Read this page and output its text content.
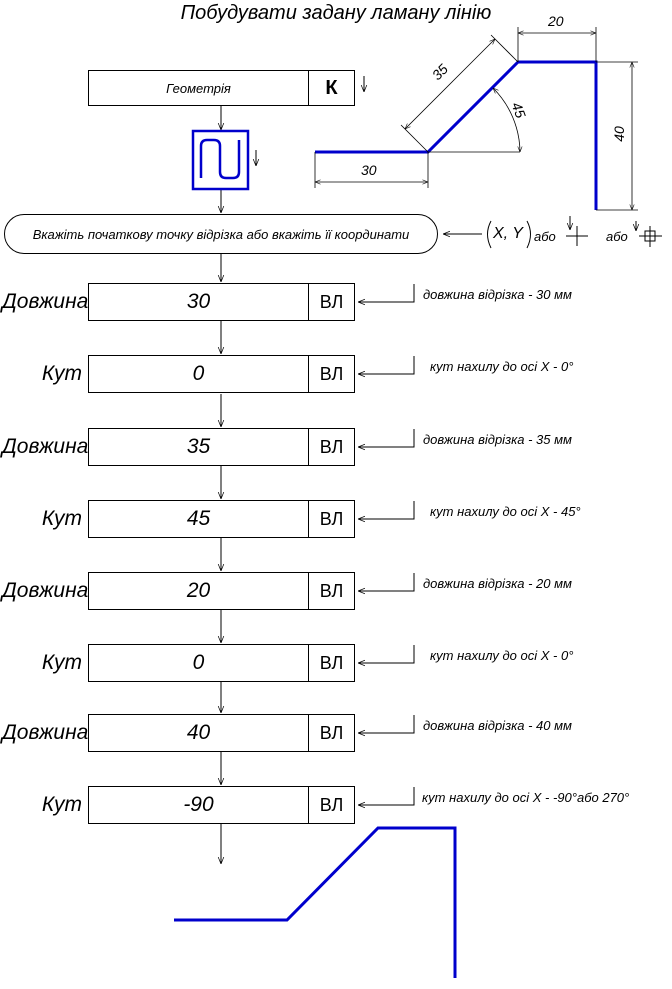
Побудувати задану ламану лінію
Геометрія	К
Вкажіть початкову точку відрізка або вкажіть її координати	X, Y або	або
Довжина	30	ВЛ	довжина відрізка - 30 мм
Кут	0	ВЛ	кут нахилу до осі X - 0°
Довжина	35	ВЛ	довжина відрізка - 35 мм
Кут	45	ВЛ	кут нахилу до осі X - 45°
Довжина	20	ВЛ	довжина відрізка - 20 мм
Кут	0	ВЛ	кут нахилу до осі X - 0°
Довжина	40	ВЛ	довжина відрізка - 40 мм
Кут	-90	ВЛ	кут нахилу до осі X - -90°або 270°
30
35
45
20
40
